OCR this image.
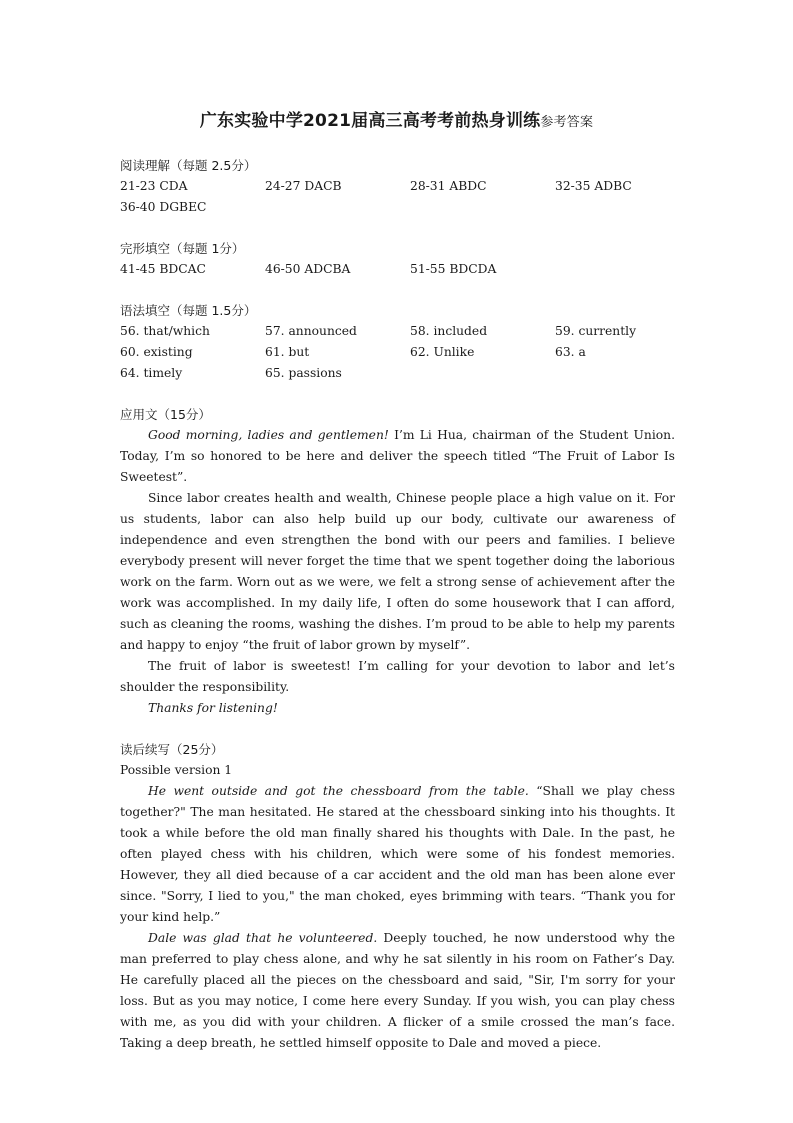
广东实验中学2021届高三高考考前热身训练参考答案
阅读理解（每题 2.5分）
21-23 CDA	24-27 DACB	28-31 ABDC	32-35 ADBC
36-40 DGBEC
完形填空（每题 1分）
41-45 BDCAC	46-50 ADCBA	51-55 BDCDA
语法填空（每题 1.5分）
56. that/which	57. announced	58. included	59. currently
60. existing	61. but	62. Unlike	63. a
64. timely	65. passions
应用文（15分）
Good morning, ladies and gentlemen! I’m Li Hua, chairman of the Student Union. Today, I’m so honored to be here and deliver the speech titled “The Fruit of Labor Is Sweetest”.
Since labor creates health and wealth, Chinese people place a high value on it. For us students, labor can also help build up our body, cultivate our awareness of independence and even strengthen the bond with our peers and families. I believe everybody present will never forget the time that we spent together doing the laborious work on the farm. Worn out as we were, we felt a strong sense of achievement after the work was accomplished. In my daily life, I often do some housework that I can afford, such as cleaning the rooms, washing the dishes. I’m proud to be able to help my parents and happy to enjoy “the fruit of labor grown by myself”.
The fruit of labor is sweetest! I’m calling for your devotion to labor and let’s shoulder the responsibility.
Thanks for listening!
读后续写（25分）
Possible version 1
He went outside and got the chessboard from the table. “Shall we play chess together?" The man hesitated. He stared at the chessboard sinking into his thoughts. It took a while before the old man finally shared his thoughts with Dale. In the past, he often played chess with his children, which were some of his fondest memories. However, they all died because of a car accident and the old man has been alone ever since. "Sorry, I lied to you," the man choked, eyes brimming with tears. “Thank you for your kind help.”
Dale was glad that he volunteered. Deeply touched, he now understood why the man preferred to play chess alone, and why he sat silently in his room on Father’s Day. He carefully placed all the pieces on the chessboard and said, "Sir, I'm sorry for your loss. But as you may notice, I come here every Sunday. If you wish, you can play chess with me, as you did with your children. A flicker of a smile crossed the man’s face. Taking a deep breath, he settled himself opposite to Dale and moved a piece.
